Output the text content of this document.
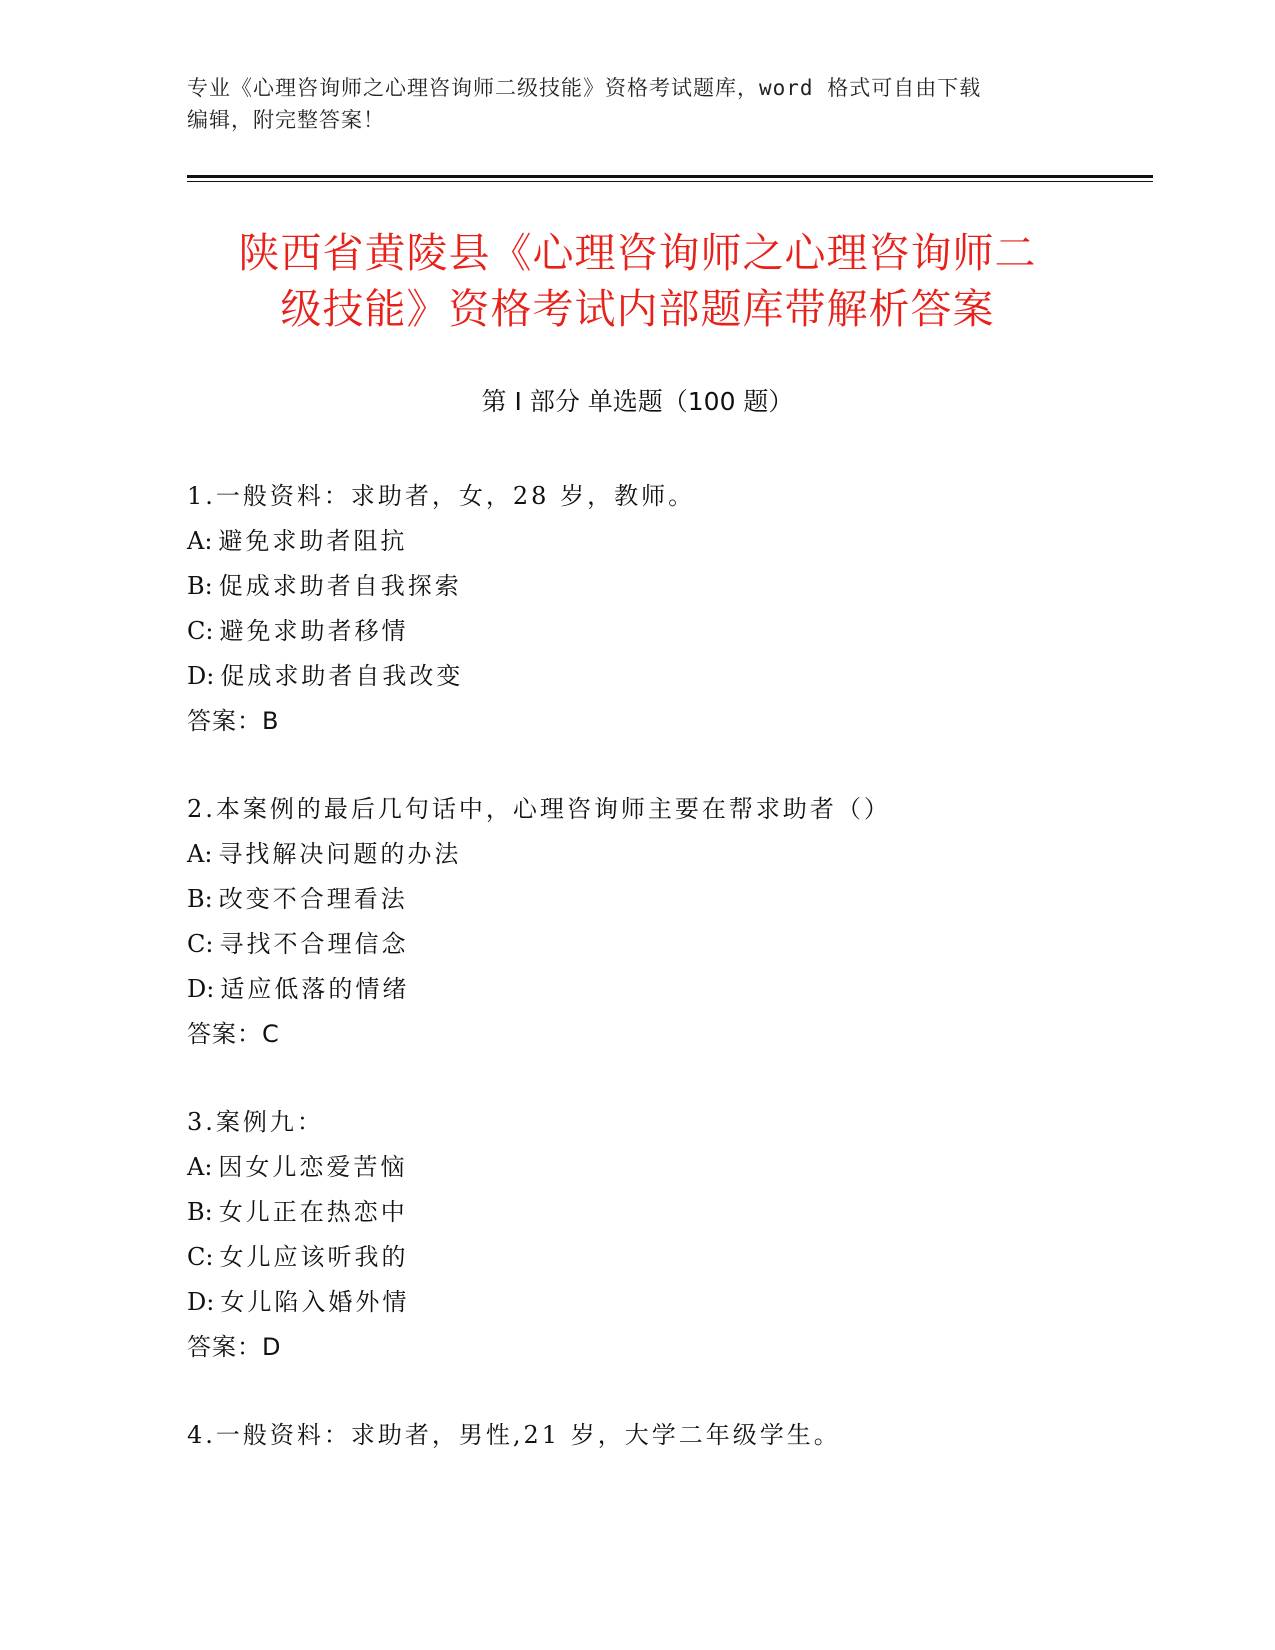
专业《心理咨询师之心理咨询师二级技能》资格考试题库，word 格式可自由下载
编辑，附完整答案！
陕西省黄陵县《心理咨询师之心理咨询师二
级技能》资格考试内部题库带解析答案
第 I 部分 单选题（100 题）
1.一般资料：求助者，女，28 岁，教师。
A: 避免求助者阻抗
B: 促成求助者自我探索
C: 避免求助者移情
D: 促成求助者自我改变
答案：B
2.本案例的最后几句话中，心理咨询师主要在帮求助者（）
A: 寻找解决问题的办法
B: 改变不合理看法
C: 寻找不合理信念
D: 适应低落的情绪
答案：C
3.案例九：
A: 因女儿恋爱苦恼
B: 女儿正在热恋中
C: 女儿应该听我的
D: 女儿陷入婚外情
答案：D
4.一般资料：求助者，男性,21 岁，大学二年级学生。
